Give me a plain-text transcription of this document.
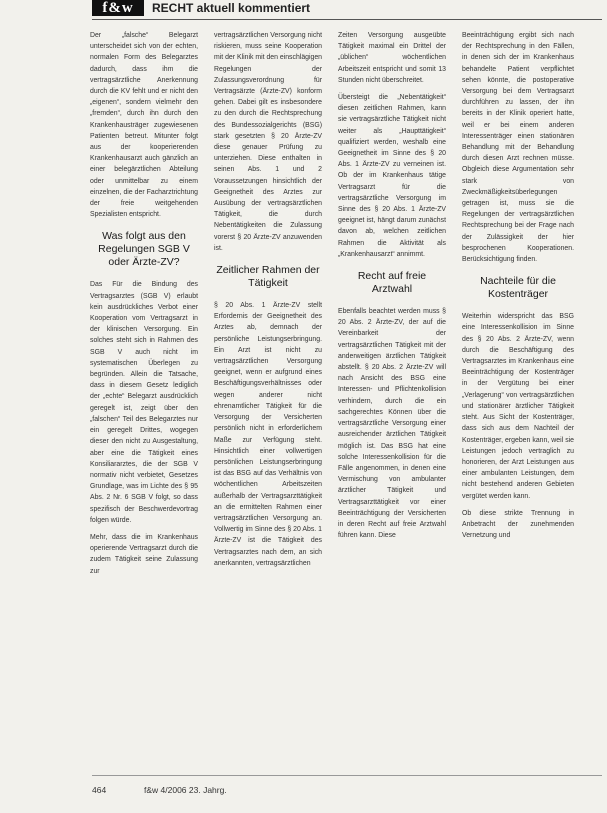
f&w	RECHT aktuell kommentiert

Der „falsche“ Belegarzt unterscheidet sich von der echten, normalen Form des Belegarztes dadurch, dass ihm die vertragsärztliche Anerkennung durch die KV fehlt und er nicht den „eigenen“, sondern vielmehr den „fremden“, durch ihn durch den Krankenhausträger zugewiesenen Patienten betreut. Mitunter folgt aus der kooperierenden Krankenhausarzt auch gänzlich an einer belegärztlichen Abteilung oder unmittelbar zu einem einzelnen, die der Facharztrichtung der freie weitgehenden Spezialisten entspricht.

Was folgt aus den Regelungen SGB V oder Ärzte-ZV?

Das Für die Bindung des Vertragsarztes (SGB V) erlaubt kein ausdrückliches Verbot einer Kooperation vom Vertragsarzt in der klinischen Versorgung. Ein solches steht sich in Rahmen des SGB V auch nicht im systematischen Überlegen zu begründen. Allein die Tatsache, dass in diesem Gesetz lediglich der „echte“ Belegarzt ausdrücklich geregelt ist, zeigt über den „falschen“ Teil des Belegarztes nur ein geregelt Drittes, wogegen dieser den nicht zu Ausgestaltung, aber eine die Tätigkeit eines Konsiliararztes, die der SGB V normativ nicht verbietet, Gesetzes Grundlage, was im Lichte des § 95 Abs. 2 Nr. 6 SGB V folgt, so dass spezifisch der Beschwerdevortrag folgen würde.

Mehr, dass die im Krankenhaus operierende Vertragsarzt durch die zudem Tätigkeit seine Zulassung zur

vertragsärztlichen Versorgung nicht riskieren, muss seine Kooperation mit der Klinik mit den einschlägigen Regelungen der Zulassungsverordnung für Vertragsärzte (Ärzte-ZV) konform gehen. Dabei gilt es insbesondere zu den durch die Rechtsprechung des Bundessozialgerichts (BSG) stark gesetzten § 20 Ärzte-ZV diese genauer Prüfung zu unterziehen. Diese enthalten in seinen Abs. 1 und 2 Voraussetzungen hinsichtlich der Geeignetheit des Arztes zur Ausübung der vertragsärztlichen Tätigkeit, die durch Nebentätigkeiten die Zulassung vorerst § 20 Ärzte-ZV anzuwenden ist.

Zeitlicher Rahmen der Tätigkeit

§ 20 Abs. 1 Ärzte-ZV stellt Erfordernis der Geeignetheit des Arztes ab, demnach der persönliche Leistungserbringung. Ein Arzt ist nicht zu vertragsärztlichen Versorgung geeignet, wenn er aufgrund eines Beschäftigungsverhältnisses oder wegen anderer nicht ehrenamtlicher Tätigkeit für die Versorgung der Versicherten persönlich nicht in erforderlichem Maße zur Verfügung steht. Hinsichtlich einer vollwertigen persönlichen Leistungserbringung ist das BSG auf das Verhältnis von wöchentlichen Arbeitszeiten außerhalb der Vertragsarzttätigkeit an die ermittelten Rahmen einer vertragsärztlichen Versorgung an. Vollwertig im Sinne des § 20 Abs. 1 Ärzte-ZV ist die Tätigkeit des Vertragsarztes nach dem, an sich anerkannten, vertragsärztlichen

Zeiten Versorgung ausgeübte Tätigkeit maximal ein Drittel der „üblichen“ wöchentlichen Arbeitszeit entspricht und somit 13 Stunden nicht überschreitet.

Übersteigt die „Nebentätigkeit“ diesen zeitlichen Rahmen, kann sie vertragsärztliche Tätigkeit nicht weiter als „Haupttätigkeit“ qualifiziert werden, weshalb eine Geeignetheit im Sinne des § 20 Abs. 1 Ärzte-ZV zu verneinen ist. Ob der im Krankenhaus tätige Vertragsarzt für die vertragsärztliche Versorgung im Sinne des § 20 Abs. 1 Ärzte-ZV geeignet ist, hängt darum zunächst davon ab, welchen zeitlichen Rahmen die Aktivität als „Krankenhausarzt“ annimmt.

Recht auf freie Arztwahl

Ebenfalls beachtet werden muss § 20 Abs. 2 Ärzte-ZV, der auf die Vereinbarkeit der vertragsärztlichen Tätigkeit mit der anderweitigen ärztlichen Tätigkeit abstellt. § 20 Abs. 2 Ärzte-ZV will nach Ansicht des BSG eine Interessen- und Pflichtenkollision verhindern, durch die ein sachgerechtes Können über die vertragsärztliche Versorgung einer ausreichender ärztlichen Tätigkeit möglich ist. Das BSG hat eine solche Interessenkollision für die Fälle angenommen, in denen eine Vermischung von ambulanter ärztlicher Tätigkeit und Vertragsarzttätigkeit vor einer Beeinträchtigung der Versicherten in deren Recht auf freie Arztwahl führen kann. Diese

Beeinträchtigung ergibt sich nach der Rechtsprechung in den Fällen, in denen sich der im Krankenhaus behandelte Patient verpflichtet sehen könnte, die postoperative Versorgung bei dem Vertragsarzt durchführen zu lassen, der ihn bereits in der Klinik operiert hatte, weil er bei einem anderen Interessenträger einen stationären Behandlung mit der Behandlung durch diesen Arzt rechnen müsse. Obgleich diese Argumentation sehr stark von Zweckmäßigkeitsüberlegungen getragen ist, muss sie die Regelungen der vertragsärztlichen Rechtsprechung bei der Frage nach der Zulässigkeit der hier besprochenen Kooperationen. Berücksichtigung finden.

Nachteile für die Kostenträger

Weiterhin widerspricht das BSG eine Interessenkollision im Sinne des § 20 Abs. 2 Ärzte-ZV, wenn durch die Beschäftigung des Vertragsarztes im Krankenhaus eine Beeinträchtigung der Kostenträger in der Vergütung bei einer „Verlagerung“ von vertragsärztlichen und stationärer ärztlicher Tätigkeit steht. Aus Sicht der Kostenträger, dass sich aus dem Nachteil der Kostenträger, ergeben kann, weil sie Leistungen jedoch vertraglich zu honorieren, der Arzt Leistungen aus einer ambulanten Leistungen, dem nicht bestehend anderen Gebieten vergütet werden kann.

Ob diese strikte Trennung in Anbetracht der zunehmenden Vernetzung und

464	f&w 4/2006 23. Jahrg.
